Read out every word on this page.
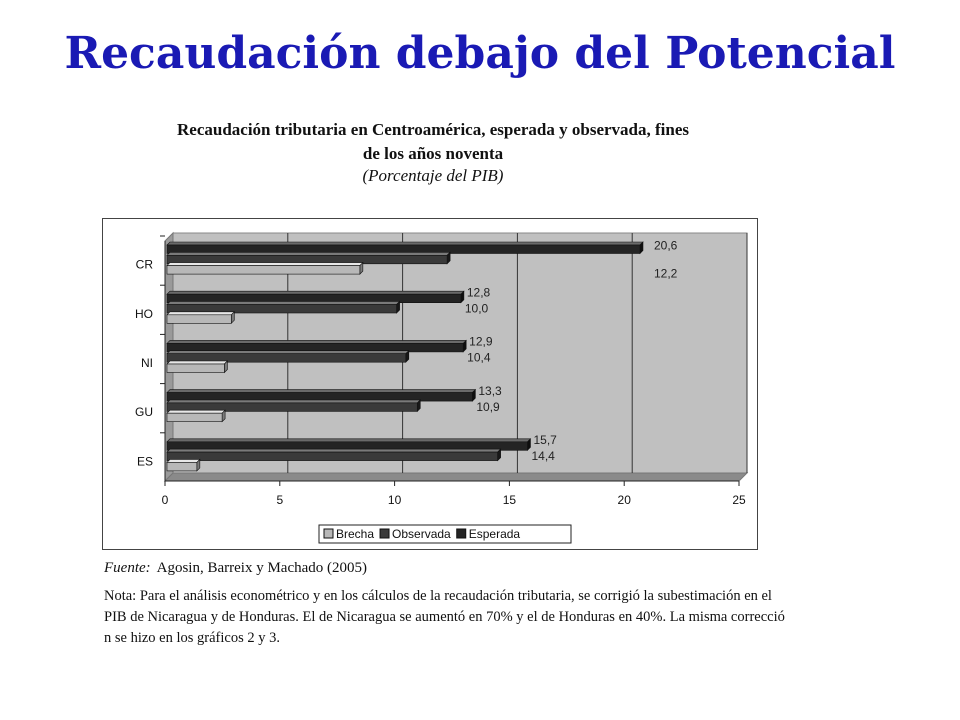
Recaudación debajo del Potencial
Recaudación tributaria en Centroamérica, esperada y observada, fines de los años noventa
(Porcentaje del PIB)
0	5	10	15	20	25
CR
20,6
12,2
HO
12,8
10,0
NI
12,9
10,4
GU
13,3
10,9
ES
15,7
14,4
Brecha Observada Esperada
Fuente: Agosin, Barreix y Machado (2005)
Nota: Para el análisis econométrico y en los cálculos de la recaudación tributaria, se corrigió la subestimación en el PIB de Nicaragua y de Honduras. El de Nicaragua se aumentó en 70% y el de Honduras en 40%. La misma correcció n se hizo en los gráficos 2 y 3.
